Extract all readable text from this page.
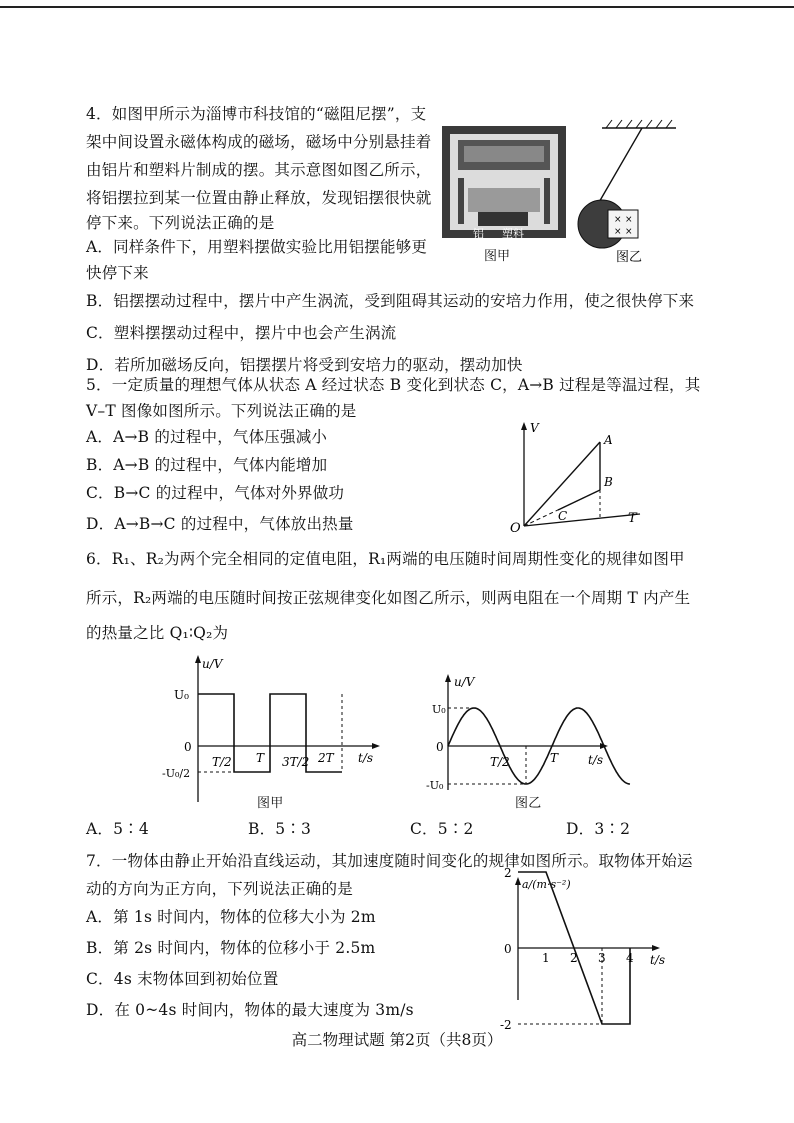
4．如图甲所示为淄博市科技馆的“磁阻尼摆”，支
架中间设置永磁体构成的磁场，磁场中分别悬挂着
由铝片和塑料片制成的摆。其示意图如图乙所示，
将铝摆拉到某一位置由静止释放，发现铝摆很快就
停下来。下列说法正确的是
A．同样条件下，用塑料摆做实验比用铝摆能够更
快停下来
B．铝摆摆动过程中，摆片中产生涡流，受到阻碍其运动的安培力作用，使之很快停下来
C．塑料摆摆动过程中，摆片中也会产生涡流
D．若所加磁场反向，铝摆摆片将受到安培力的驱动，摆动加快
铝 塑料
图甲
× ×
× ×
图乙
5．一定质量的理想气体从状态 A 经过状态 B 变化到状态 C，A→B 过程是等温过程，其
V–T 图像如图所示。下列说法正确的是
A．A→B 的过程中，气体压强减小
B．A→B 的过程中，气体内能增加
C．B→C 的过程中，气体对外界做功
D．A→B→C 的过程中，气体放出热量
V
T
O
A
B
C
6．R₁、R₂为两个完全相同的定值电阻，R₁两端的电压随时间周期性变化的规律如图甲
所示，R₂两端的电压随时间按正弦规律变化如图乙所示，则两电阻在一个周期 T 内产生
的热量之比 Q₁∶Q₂为
u/V
t/s
U₀
0
-U₀/2
T/2 T 3T/2 2T
图甲
u/V
t/s
U₀
0
-U₀
T/2	T
图乙
A．5∶4	B．5∶3	C．5∶2	D．3∶2
7．一物体由静止开始沿直线运动，其加速度随时间变化的规律如图所示。取物体开始运
动的方向为正方向，下列说法正确的是
A．第 1s 时间内，物体的位移大小为 2m
B．第 2s 时间内，物体的位移小于 2.5m
C．4s 末物体回到初始位置
D．在 0~4s 时间内，物体的最大速度为 3m/s
a/(m·s⁻²)
t/s
1 2 3 4
2
0
-2
高二物理试题 第2页（共8页）
